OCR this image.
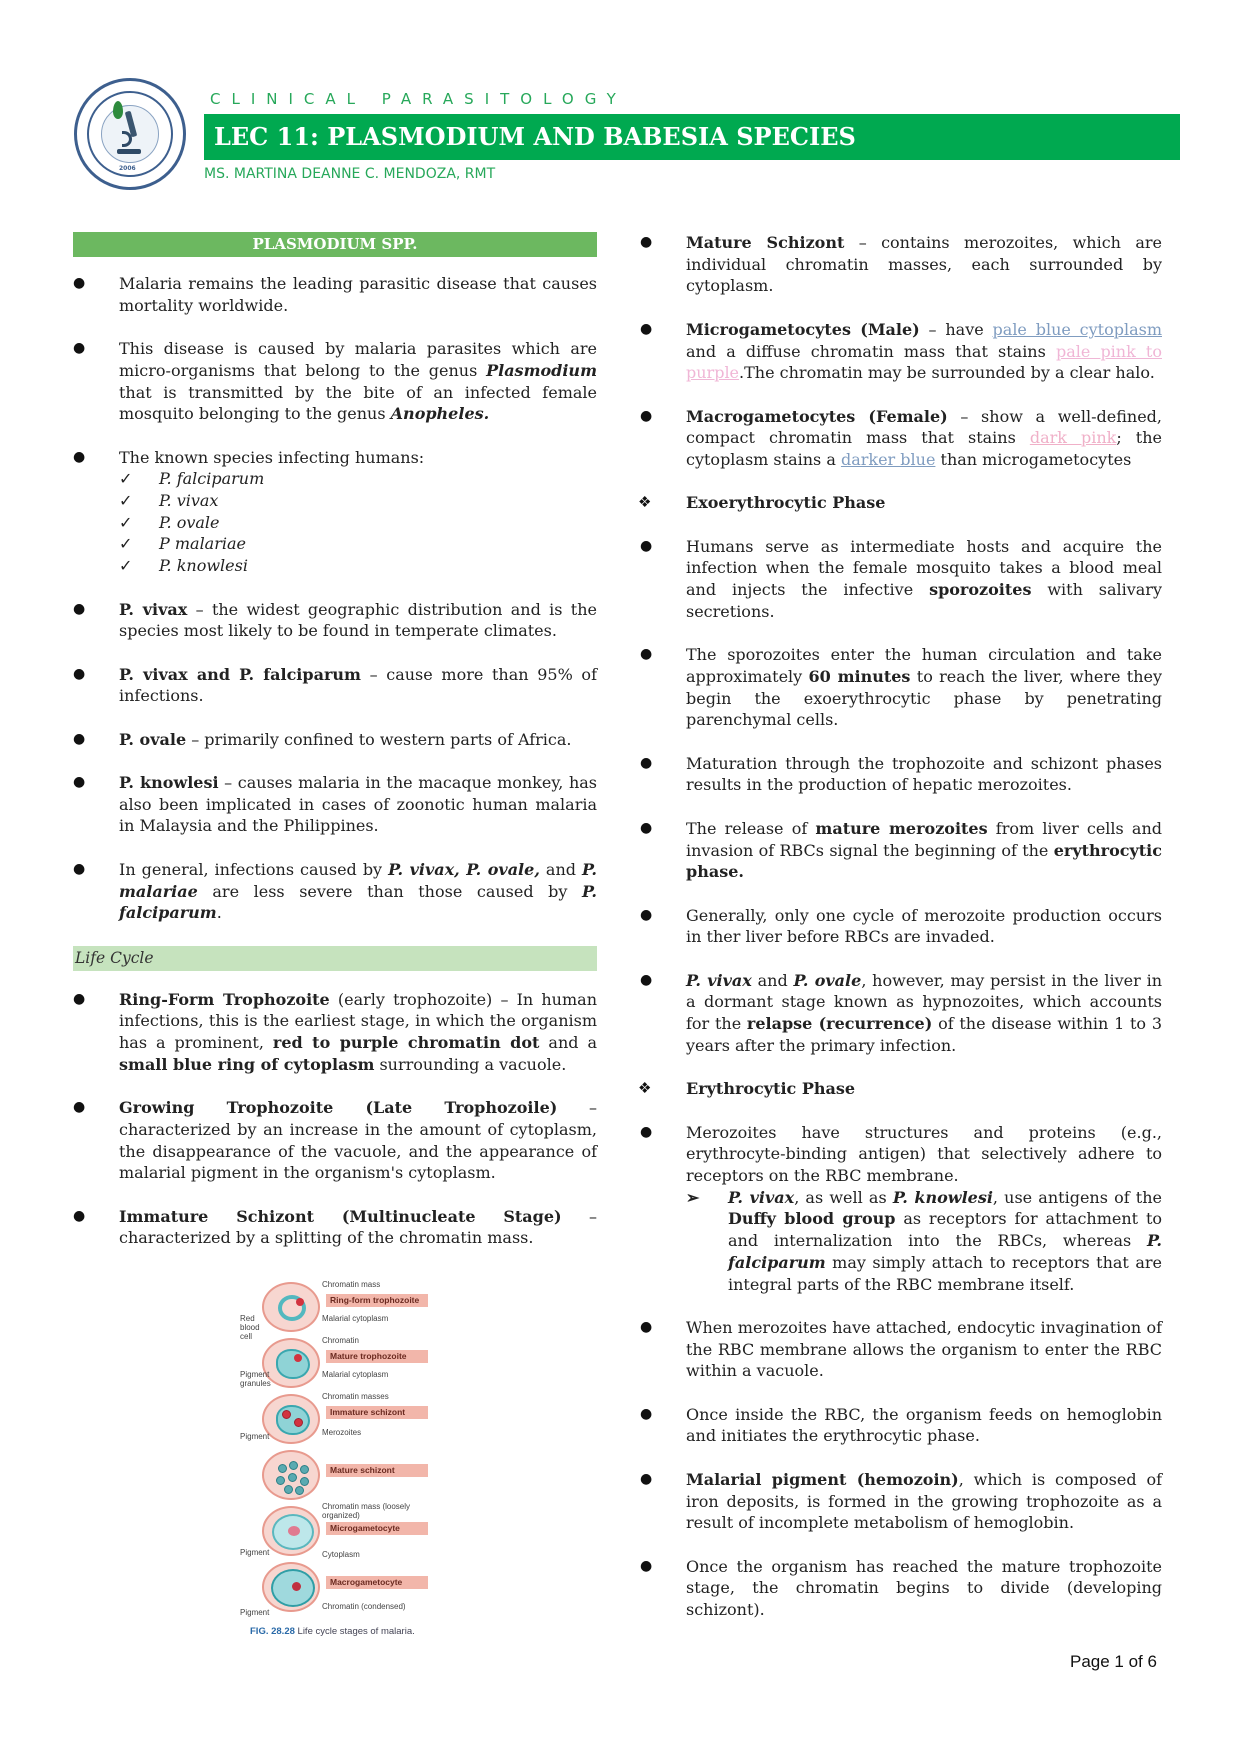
2006
CLINICAL PARASITOLOGY
LEC 11: PLASMODIUM AND BABESIA SPECIES
MS. MARTINA DEANNE C. MENDOZA, RMT
PLASMODIUM SPP.
● Malaria remains the leading parasitic disease that causes mortality worldwide.
● This disease is caused by malaria parasites which are micro-organisms that belong to the genus Plasmodium that is transmitted by the bite of an infected female mosquito belonging to the genus Anopheles.
● The known species infecting humans:
✓ P. falciparum
✓ P. vivax
✓ P. ovale
✓ P malariae
✓ P. knowlesi
● P. vivax – the widest geographic distribution and is the species most likely to be found in temperate climates.
● P. vivax and P. falciparum – cause more than 95% of infections.
● P. ovale – primarily confined to western parts of Africa.
● P. knowlesi – causes malaria in the macaque monkey, has also been implicated in cases of zoonotic human malaria in Malaysia and the Philippines.
● In general, infections caused by P. vivax, P. ovale, and P. malariae are less severe than those caused by P. falciparum.
Life Cycle
● Ring-Form Trophozoite (early trophozoite) – In human infections, this is the earliest stage, in which the organism has a prominent, red to purple chromatin dot and a small blue ring of cytoplasm surrounding a vacuole.
● Growing Trophozoite (Late Trophozoile) – characterized by an increase in the amount of cytoplasm, the disappearance of the vacuole, and the appearance of malarial pigment in the organism's cytoplasm.
● Immature Schizont (Multinucleate Stage) – characterized by a splitting of the chromatin mass.
Chromatin mass
Ring-form trophozoite
Red blood cell
Malarial cytoplasm
Chromatin
Mature trophozoite
Pigment granules
Malarial cytoplasm
Chromatin masses
Immature schizont
Pigment	Merozoites
Mature schizont
Chromatin mass (loosely organized)
Microgametocyte
Pigment	Cytoplasm
Macrogametocyte
Pigment
Chromatin (condensed)
FIG. 28.28 Life cycle stages of malaria.
● Mature Schizont – contains merozoites, which are individual chromatin masses, each surrounded by cytoplasm.
● Microgametocytes (Male) – have pale blue cytoplasm and a diffuse chromatin mass that stains pale pink to purple.The chromatin may be surrounded by a clear halo.
● Macrogametocytes (Female) – show a well-defined, compact chromatin mass that stains dark pink; the cytoplasm stains a darker blue than microgametocytes
❖ Exoerythrocytic Phase
● Humans serve as intermediate hosts and acquire the infection when the female mosquito takes a blood meal and injects the infective sporozoites with salivary secretions.
● The sporozoites enter the human circulation and take approximately 60 minutes to reach the liver, where they begin the exoerythrocytic phase by penetrating parenchymal cells.
● Maturation through the trophozoite and schizont phases results in the production of hepatic merozoites.
● The release of mature merozoites from liver cells and invasion of RBCs signal the beginning of the erythrocytic phase.
● Generally, only one cycle of merozoite production occurs in ther liver before RBCs are invaded.
● P. vivax and P. ovale, however, may persist in the liver in a dormant stage known as hypnozoites, which accounts for the relapse (recurrence) of the disease within 1 to 3 years after the primary infection.
❖ Erythrocytic Phase
● Merozoites have structures and proteins (e.g., erythrocyte-binding antigen) that selectively adhere to receptors on the RBC membrane.
➢ P. vivax, as well as P. knowlesi, use antigens of the Duffy blood group as receptors for attachment to and internalization into the RBCs, whereas P. falciparum may simply attach to receptors that are integral parts of the RBC membrane itself.
● When merozoites have attached, endocytic invagination of the RBC membrane allows the organism to enter the RBC within a vacuole.
● Once inside the RBC, the organism feeds on hemoglobin and initiates the erythrocytic phase.
● Malarial pigment (hemozoin), which is composed of iron deposits, is formed in the growing trophozoite as a result of incomplete metabolism of hemoglobin.
● Once the organism has reached the mature trophozoite stage, the chromatin begins to divide (developing schizont).
Page 1 of 6
